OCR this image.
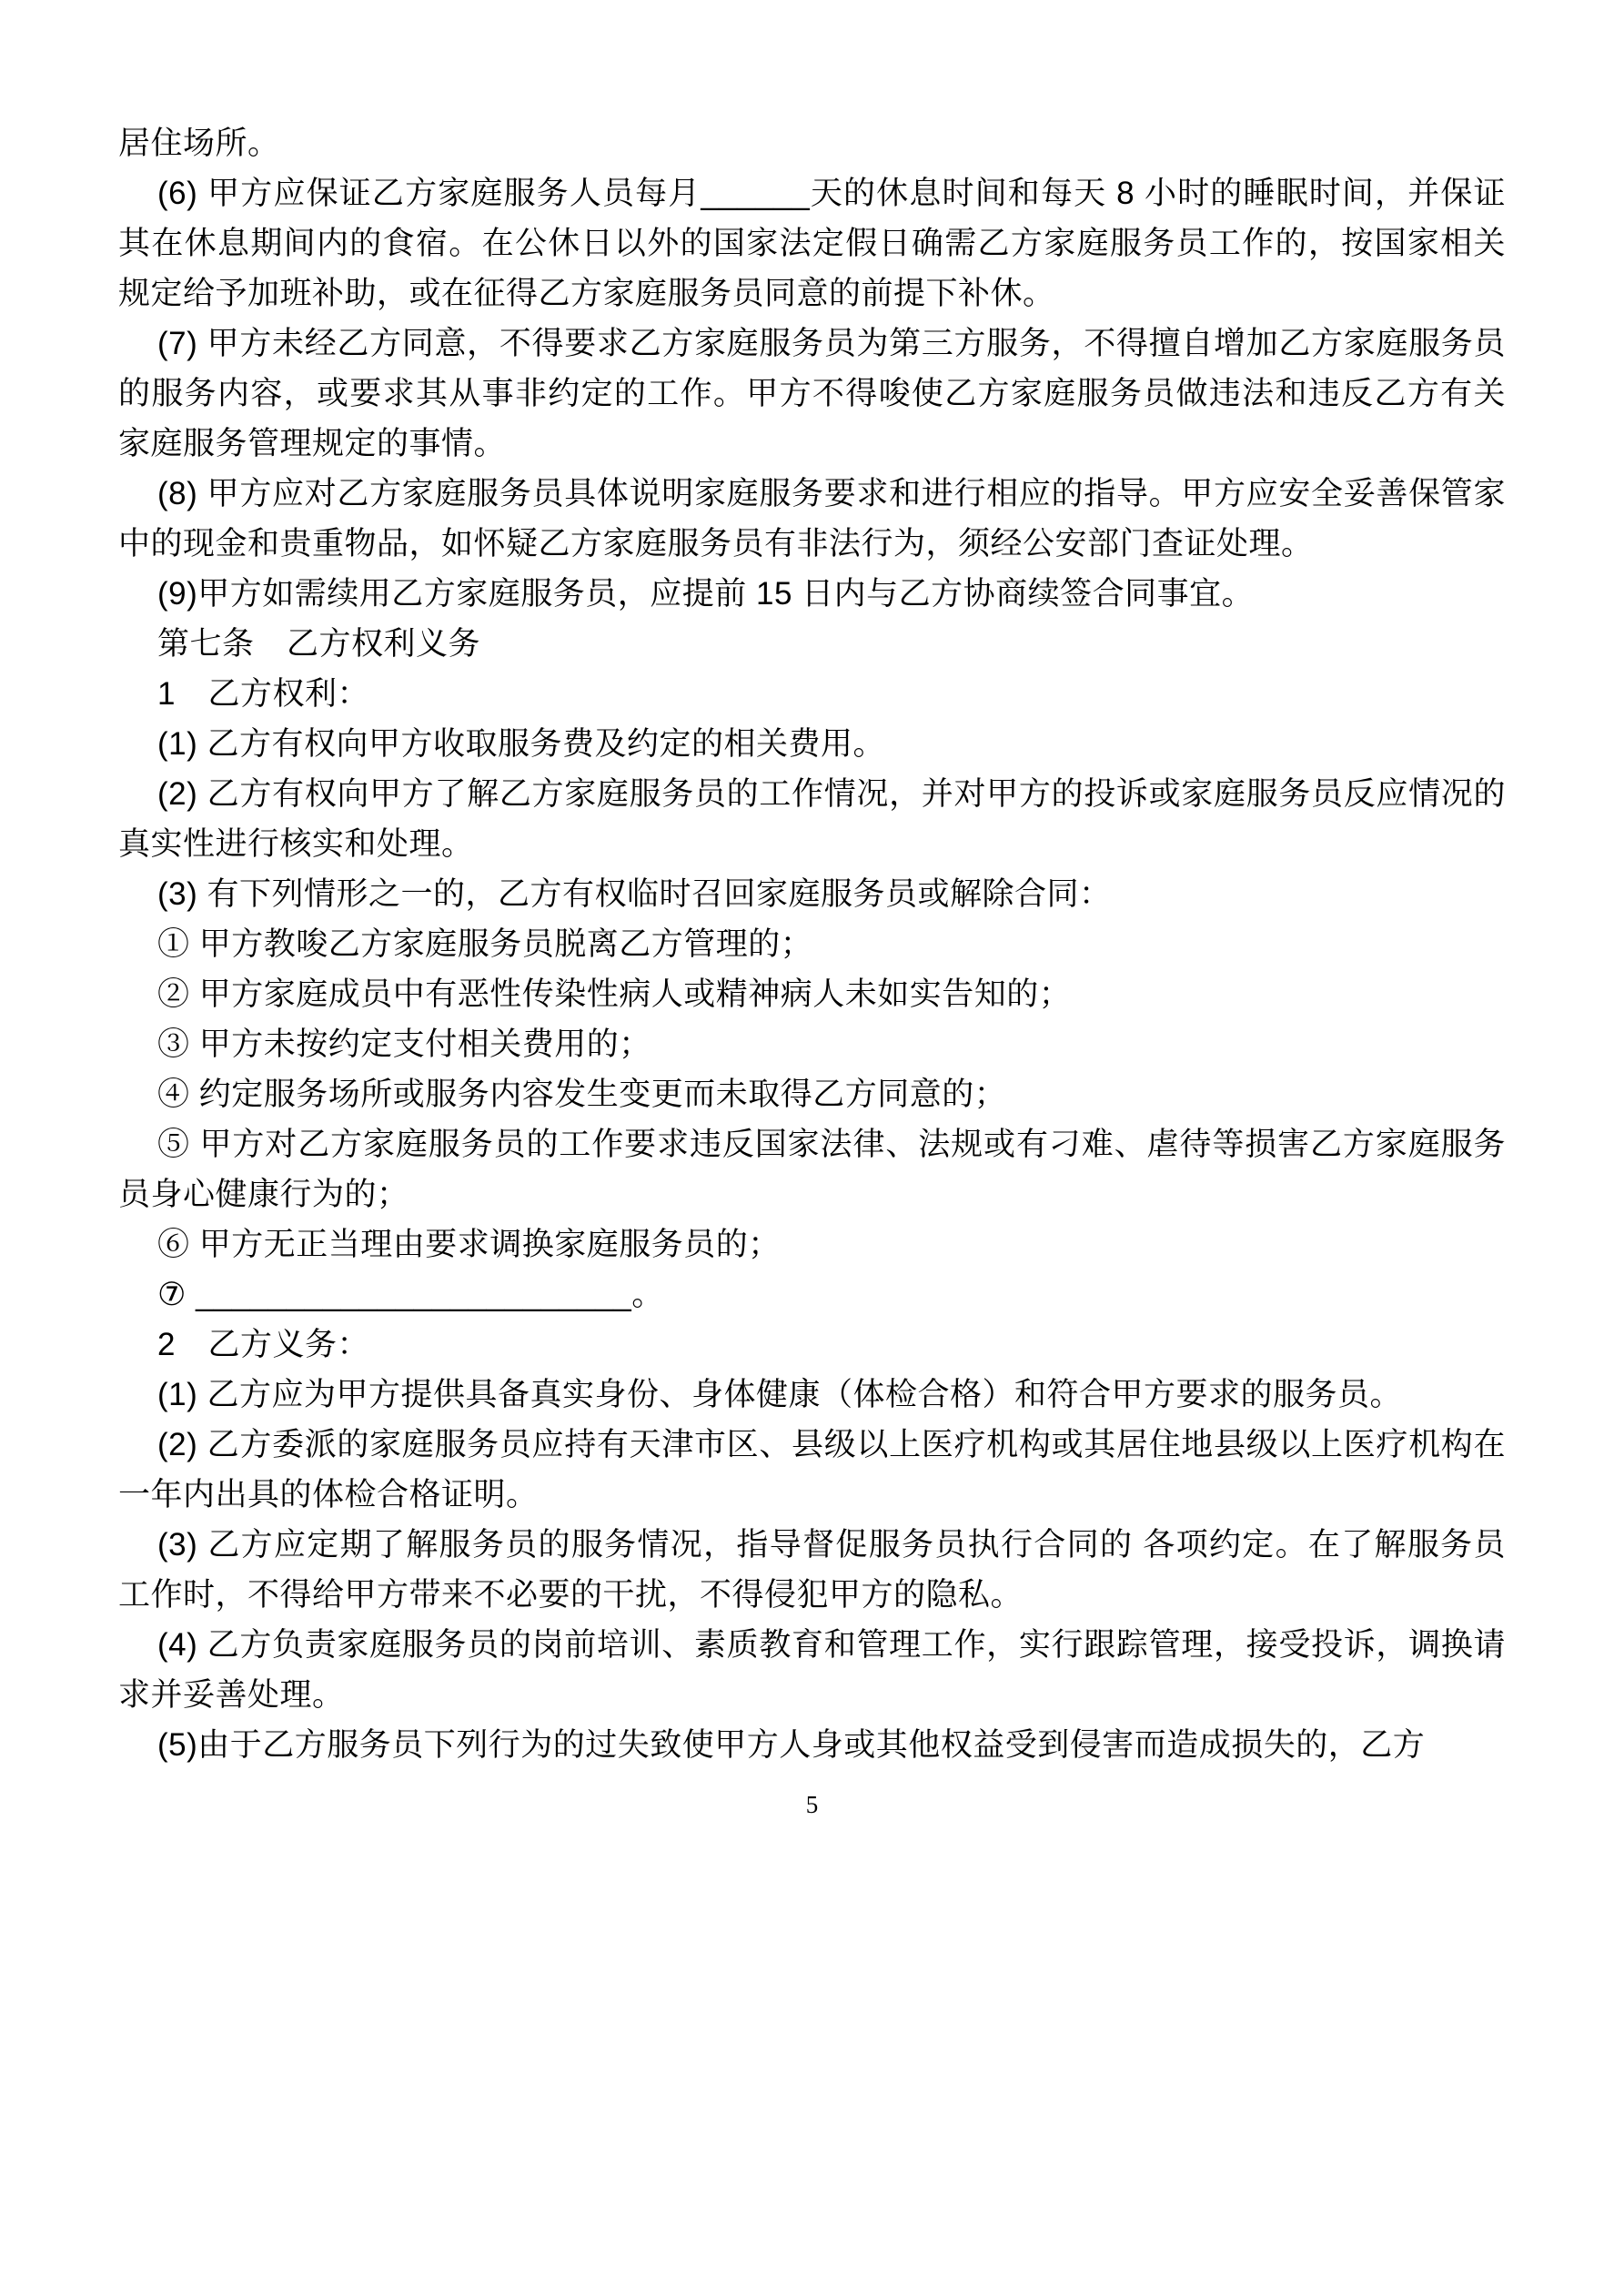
居住场所。

(6) 甲方应保证乙方家庭服务人员每月______天的休息时间和每天 8 小时的睡眠时间，并保证其在休息期间内的食宿。在公休日以外的国家法定假日确需乙方家庭服务员工作的，按国家相关规定给予加班补助，或在征得乙方家庭服务员同意的前提下补休。

(7) 甲方未经乙方同意，不得要求乙方家庭服务员为第三方服务，不得擅自增加乙方家庭服务员的服务内容，或要求其从事非约定的工作。甲方不得唆使乙方家庭服务员做违法和违反乙方有关家庭服务管理规定的事情。

(8) 甲方应对乙方家庭服务员具体说明家庭服务要求和进行相应的指导。甲方应安全妥善保管家中的现金和贵重物品，如怀疑乙方家庭服务员有非法行为，须经公安部门查证处理。

(9)甲方如需续用乙方家庭服务员，应提前 15 日内与乙方协商续签合同事宜。

第七条　乙方权利义务

1　乙方权利：

(1) 乙方有权向甲方收取服务费及约定的相关费用。

(2) 乙方有权向甲方了解乙方家庭服务员的工作情况，并对甲方的投诉或家庭服务员反应情况的真实性进行核实和处理。

(3) 有下列情形之一的，乙方有权临时召回家庭服务员或解除合同：

① 甲方教唆乙方家庭服务员脱离乙方管理的；

② 甲方家庭成员中有恶性传染性病人或精神病人未如实告知的；

③ 甲方未按约定支付相关费用的；

④ 约定服务场所或服务内容发生变更而未取得乙方同意的；

⑤ 甲方对乙方家庭服务员的工作要求违反国家法律、法规或有刁难、虐待等损害乙方家庭服务员身心健康行为的；

⑥ 甲方无正当理由要求调换家庭服务员的；

⑦ ________________________。

2　乙方义务：

(1) 乙方应为甲方提供具备真实身份、身体健康（体检合格）和符合甲方要求的服务员。

(2) 乙方委派的家庭服务员应持有天津市区、县级以上医疗机构或其居住地县级以上医疗机构在一年内出具的体检合格证明。

(3) 乙方应定期了解服务员的服务情况，指导督促服务员执行合同的 各项约定。在了解服务员工作时，不得给甲方带来不必要的干扰，不得侵犯甲方的隐私。

(4) 乙方负责家庭服务员的岗前培训、素质教育和管理工作，实行跟踪管理，接受投诉，调换请求并妥善处理。

(5)由于乙方服务员下列行为的过失致使甲方人身或其他权益受到侵害而造成损失的，乙方

5
